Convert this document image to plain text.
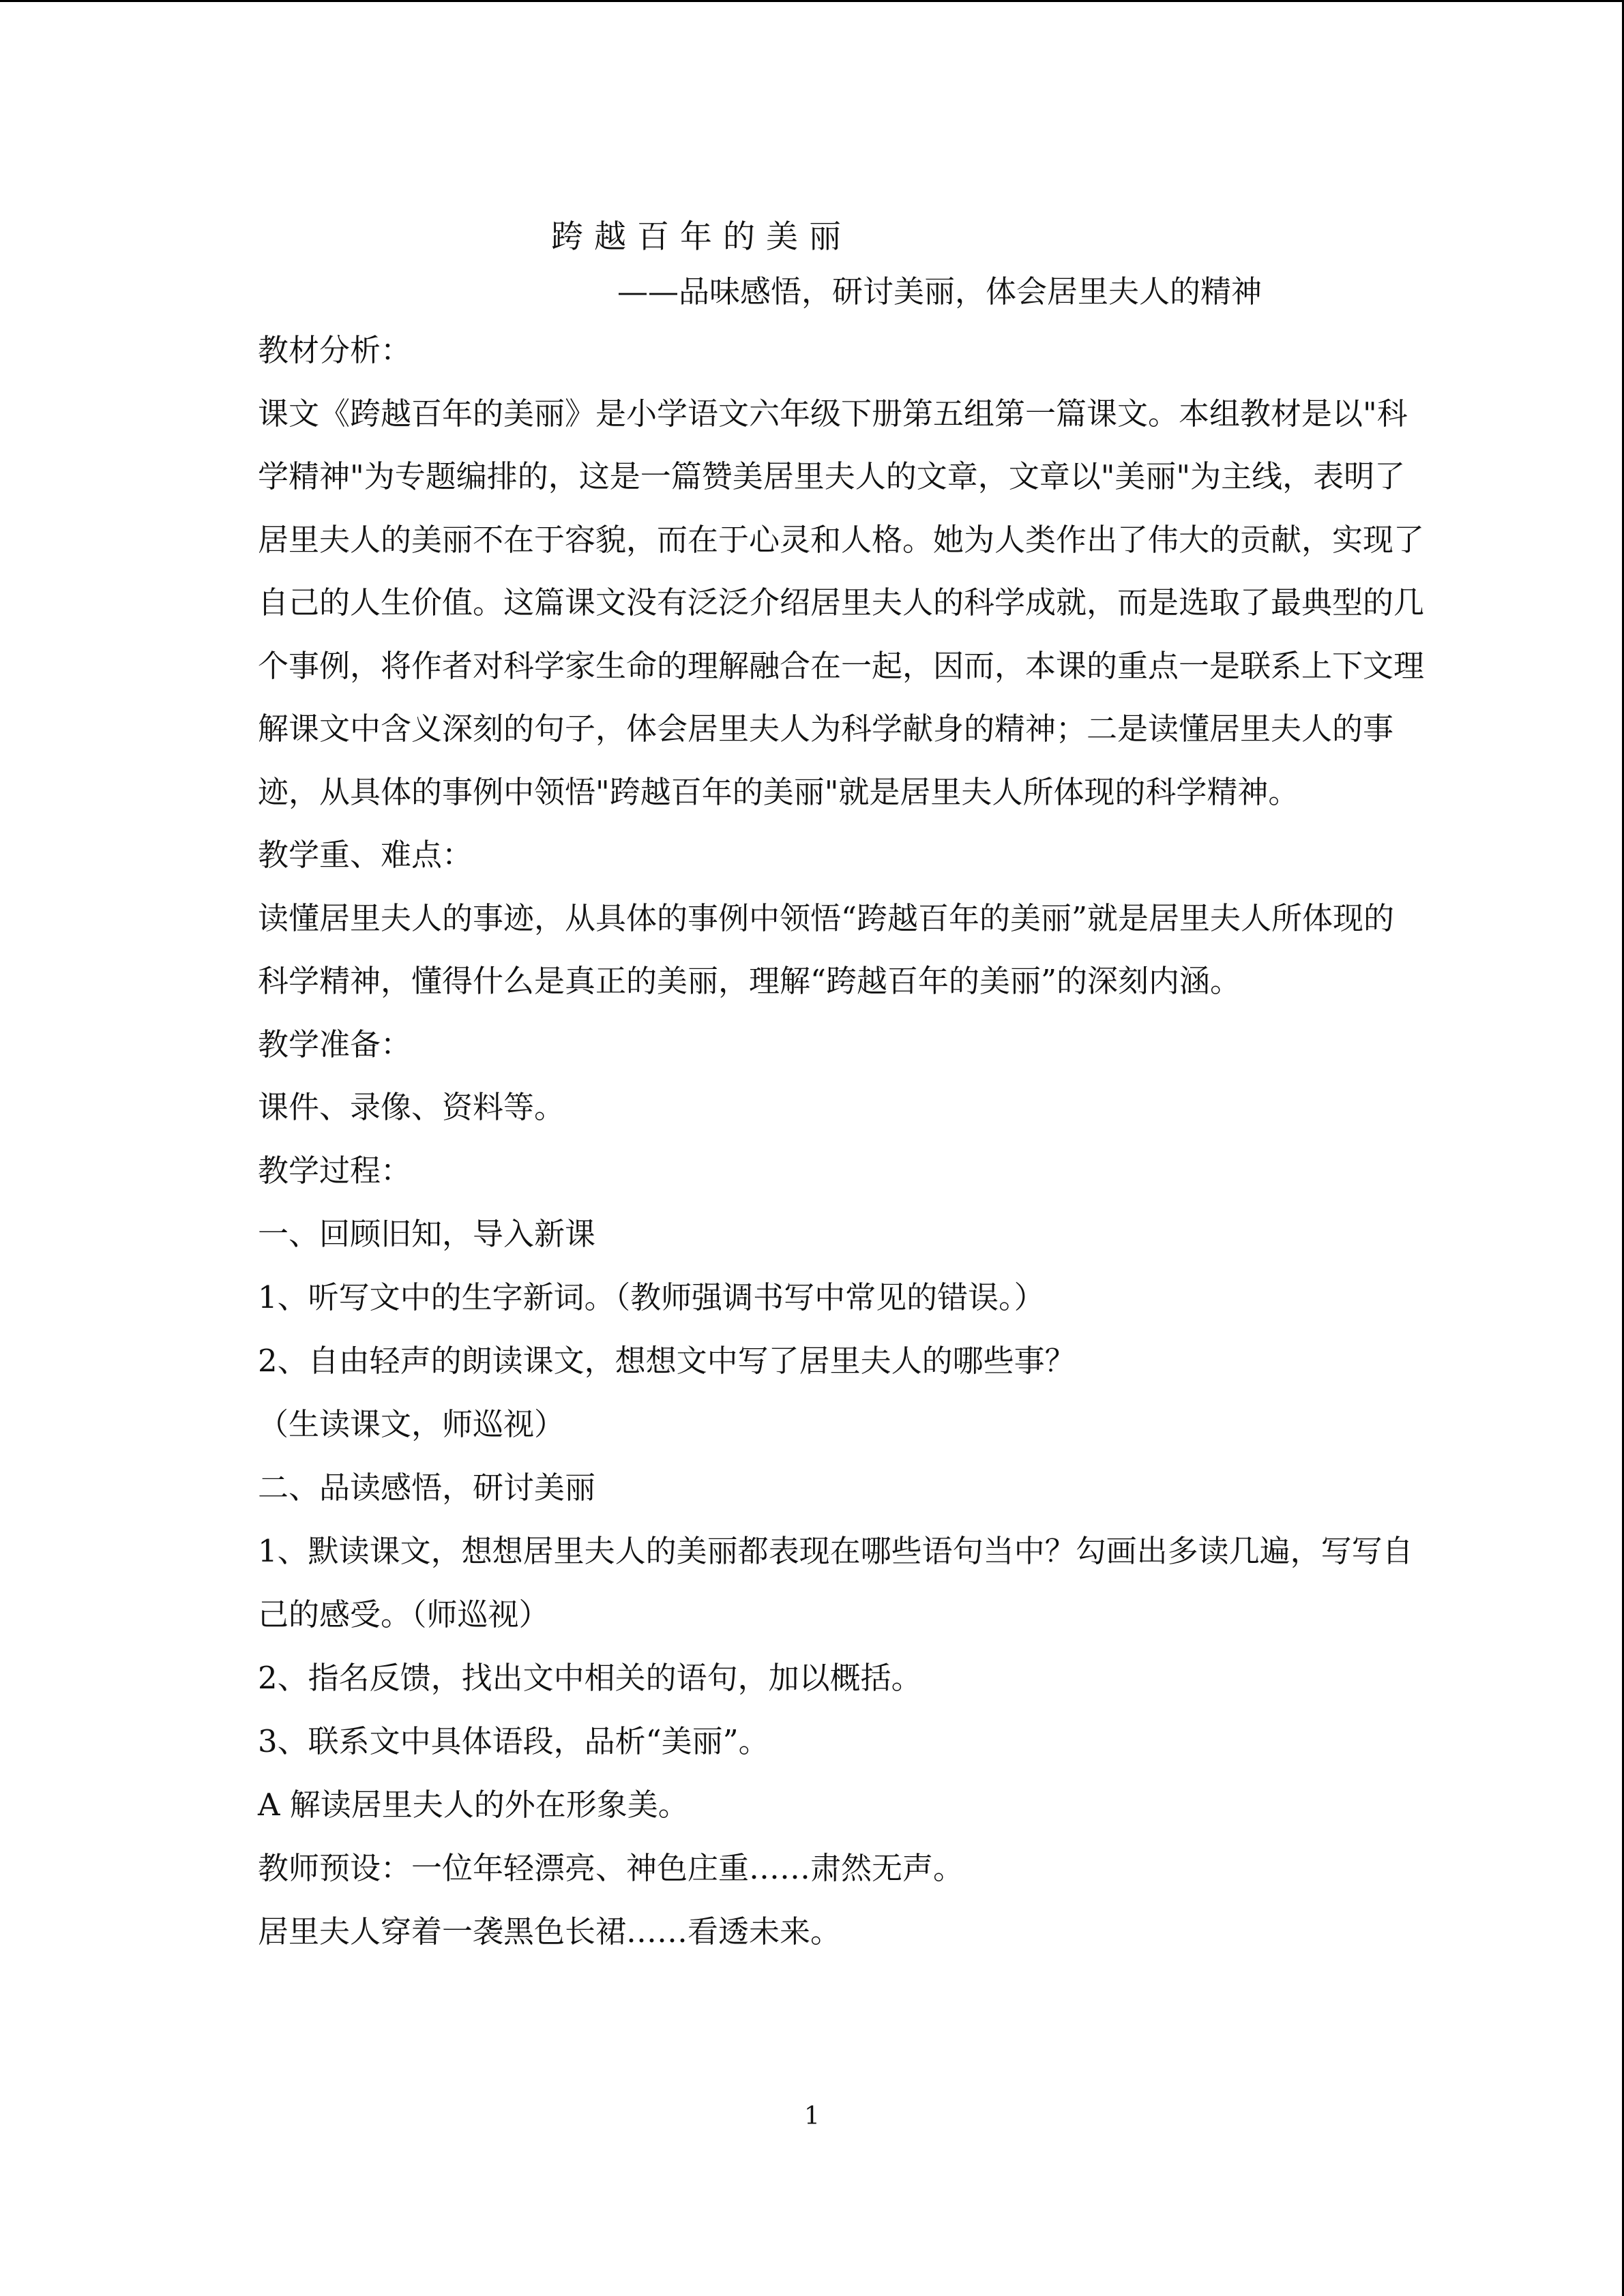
跨越百年的美丽
——品味感悟，研讨美丽，体会居里夫人的精神

教材分析：

课文《跨越百年的美丽》是小学语文六年级下册第五组第一篇课文。本组教材是以"科学精神"为专题编排的，这是一篇赞美居里夫人的文章，文章以"美丽"为主线，表明了居里夫人的美丽不在于容貌，而在于心灵和人格。她为人类作出了伟大的贡献，实现了自己的人生价值。这篇课文没有泛泛介绍居里夫人的科学成就，而是选取了最典型的几个事例，将作者对科学家生命的理解融合在一起，因而，本课的重点一是联系上下文理解课文中含义深刻的句子，体会居里夫人为科学献身的精神；二是读懂居里夫人的事迹，从具体的事例中领悟"跨越百年的美丽"就是居里夫人所体现的科学精神。

教学重、难点：

读懂居里夫人的事迹，从具体的事例中领悟“跨越百年的美丽”就是居里夫人所体现的科学精神，懂得什么是真正的美丽，理解“跨越百年的美丽”的深刻内涵。

教学准备：

课件、录像、资料等。

教学过程：

一、回顾旧知，导入新课

1、听写文中的生字新词。（教师强调书写中常见的错误。）

2、自由轻声的朗读课文，想想文中写了居里夫人的哪些事？

（生读课文，师巡视）

二、品读感悟，研讨美丽

1、默读课文，想想居里夫人的美丽都表现在哪些语句当中？勾画出多读几遍，写写自己的感受。（师巡视）

2、指名反馈，找出文中相关的语句，加以概括。

3、联系文中具体语段，品析“美丽”。

A 解读居里夫人的外在形象美。

教师预设：一位年轻漂亮、神色庄重……肃然无声。

居里夫人穿着一袭黑色长裙……看透未来。

1
